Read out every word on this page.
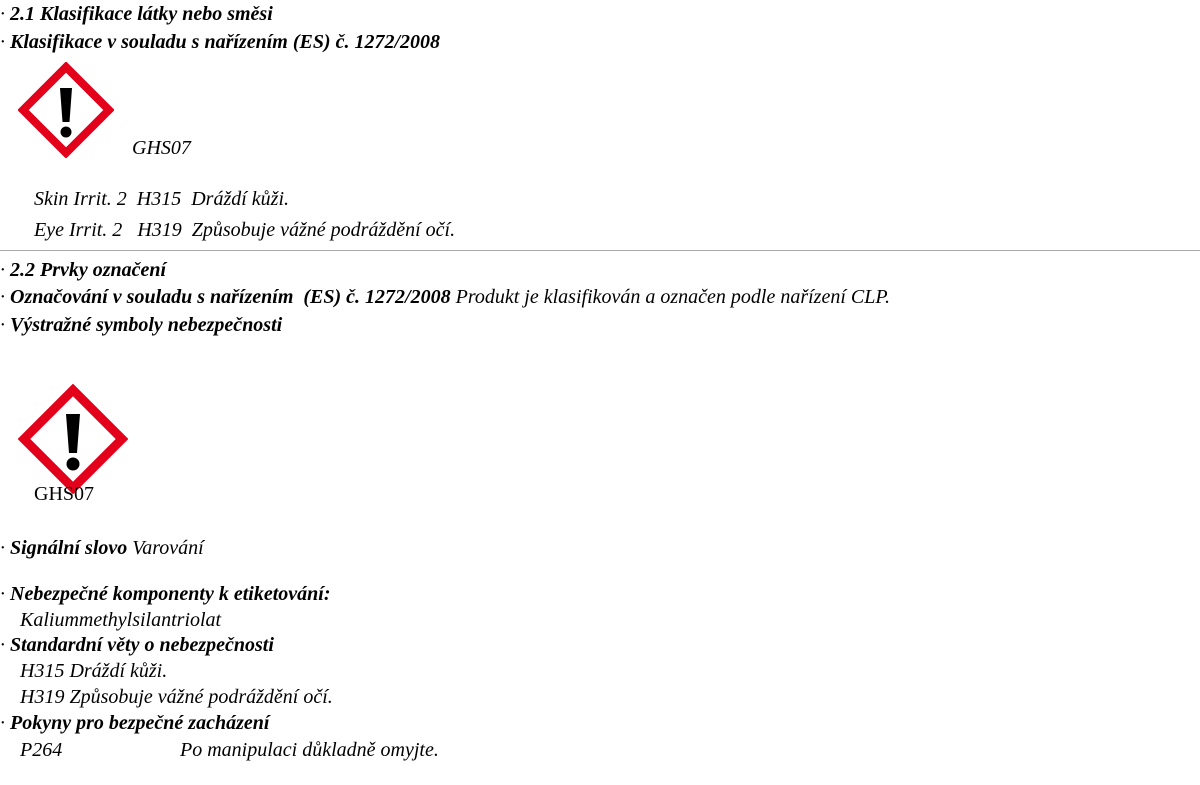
· 2.1 Klasifikace látky nebo směsi
· Klasifikace v souladu s nařízením (ES) č. 1272/2008
GHS07
Skin Irrit. 2 H315 Dráždí kůži.
Eye Irrit. 2 H319 Způsobuje vážné podráždění očí.
· 2.2 Prvky označení
· Označování v souladu s nařízením  (ES) č. 1272/2008 Produkt je klasifikován a označen podle nařízení CLP.
· Výstražné symboly nebezpečnosti
GHS07
· Signální slovo Varování
· Nebezpečné komponenty k etiketování:
Kaliummethylsilantriolat
· Standardní věty o nebezpečnosti
H315 Dráždí kůži.
H319 Způsobuje vážné podráždění očí.
· Pokyny pro bezpečné zacházení
P264	Po manipulaci důkladně omyjte.
